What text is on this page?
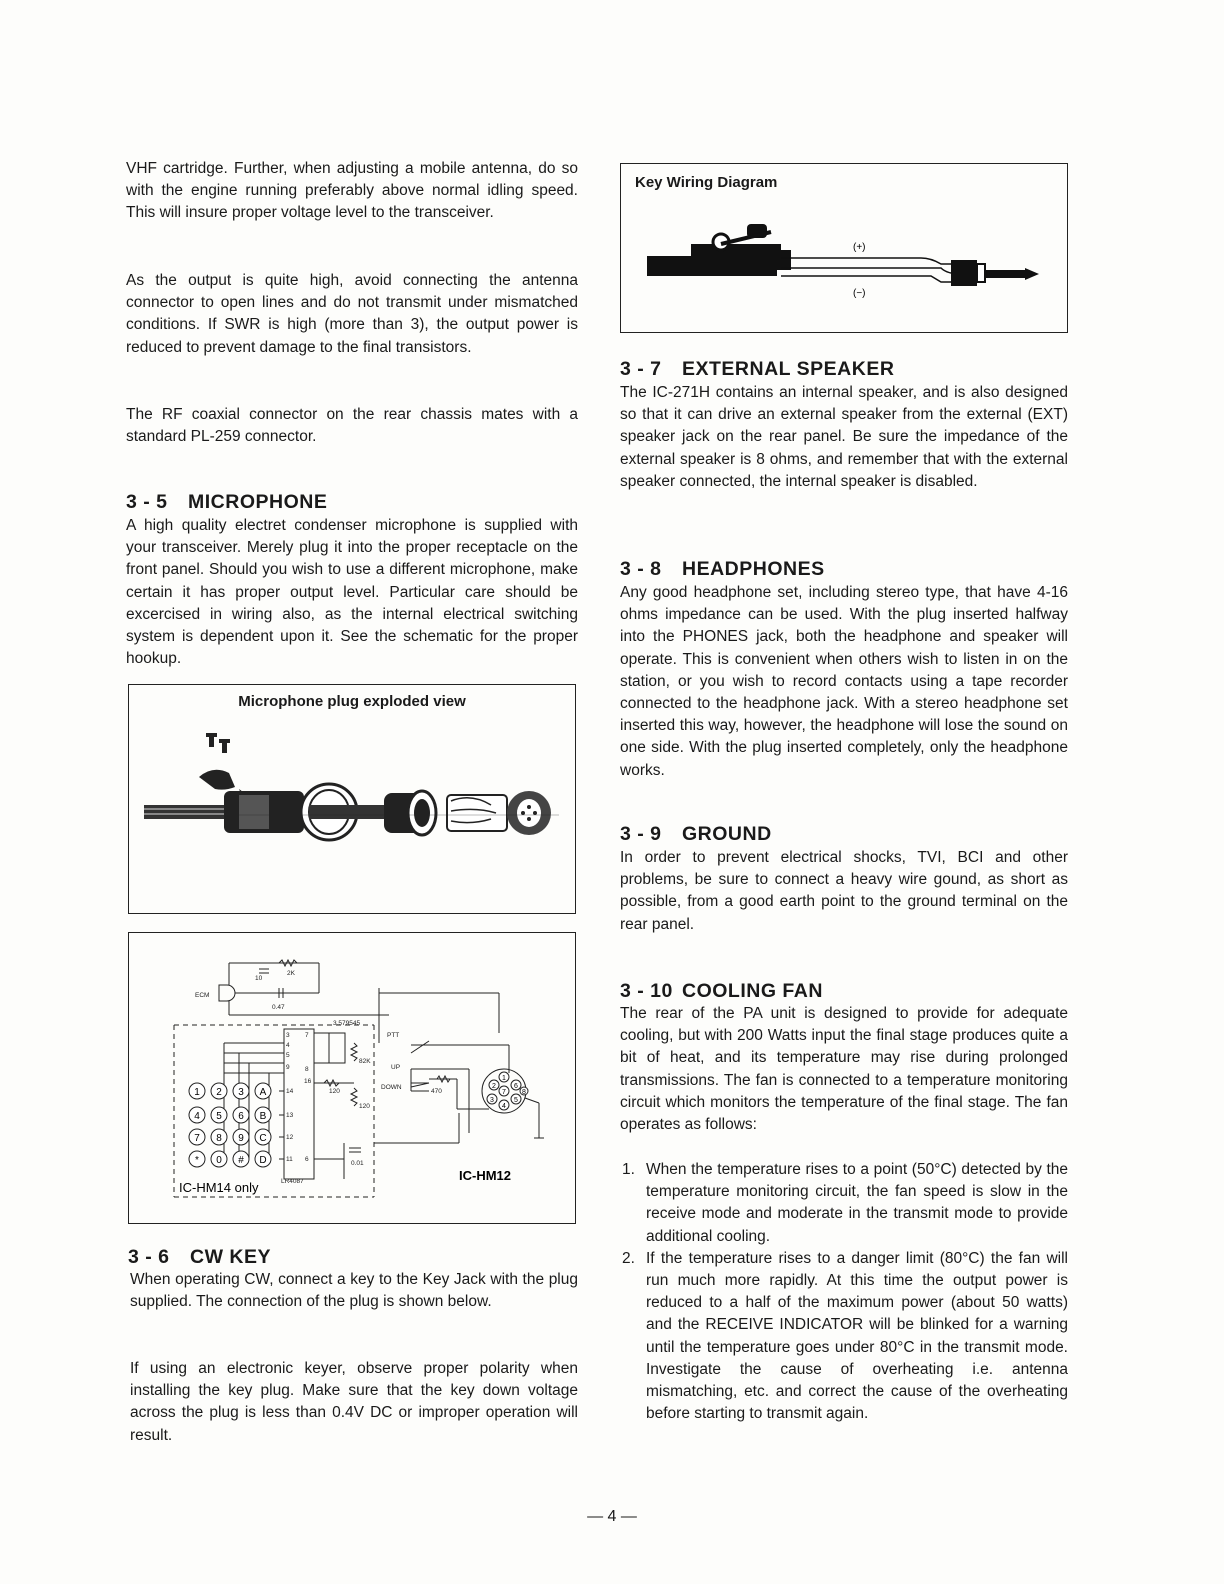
VHF cartridge. Further, when adjusting a mobile antenna, do so with the engine running preferably above normal idling speed. This will insure proper voltage level to the transceiver.

As the output is quite high, avoid connecting the antenna connector to open lines and do not transmit under mismatched conditions. If SWR is high (more than 3), the output power is reduced to prevent damage to the final transistors.

The RF coaxial connector on the rear chassis mates with a standard PL-259 connector.

3 - 5 MICROPHONE

A high quality electret condenser microphone is supplied with your transceiver. Merely plug it into the proper receptacle on the front panel. Should you wish to use a different microphone, make certain it has proper output level. Particular care should be excercised in wiring also, as the internal electrical switching system is dependent upon it. See the schematic for the proper hookup.

Microphone plug exploded view
1 2 3 A
4 5 6 B
7 8 9 C
* 0 # D
ECM
2K
10
0.47
LR4087
3.579545
82K
120
120
470
0.01
PTT
UP
DOWN
3
4
5
9
16
14
13
12
11
7
8
6
1
2
3
4
5
6
7 8
IC-HM14 only
IC-HM12
3 - 6 CW KEY

When operating CW, connect a key to the Key Jack with the plug supplied. The connection of the plug is shown below.

If using an electronic keyer, observe proper polarity when installing the key plug. Make sure that the key down voltage across the plug is less than 0.4V DC or improper operation will result.

Key Wiring Diagram
(+)
(−)
3 - 7 EXTERNAL SPEAKER

The IC-271H contains an internal speaker, and is also designed so that it can drive an external speaker from the external (EXT) speaker jack on the rear panel. Be sure the impedance of the external speaker is 8 ohms, and remember that with the external speaker connected, the internal speaker is disabled.

3 - 8 HEADPHONES

Any good headphone set, including stereo type, that have 4-16 ohms impedance can be used. With the plug inserted halfway into the PHONES jack, both the headphone and speaker will operate. This is convenient when others wish to listen in on the station, or you wish to record contacts using a tape recorder connected to the headphone jack. With a stereo headphone set inserted this way, however, the headphone will lose the sound on one side. With the plug inserted completely, only the headphone works.

3 - 9 GROUND

In order to prevent electrical shocks, TVI, BCI and other problems, be sure to connect a heavy wire gound, as short as possible, from a good earth point to the ground terminal on the rear panel.

3 - 10 COOLING FAN

The rear of the PA unit is designed to provide for adequate cooling, but with 200 Watts input the final stage produces quite a bit of heat, and its temperature may rise during prolonged transmissions. The fan is connected to a temperature monitoring circuit which monitors the temperature of the final stage. The fan operates as follows:

1. When the temperature rises to a point (50°C) detected by the temperature monitoring circuit, the fan speed is slow in the receive mode and moderate in the transmit mode to provide additional cooling.
2. If the temperature rises to a danger limit (80°C) the fan will run much more rapidly. At this time the output power is reduced to a half of the maximum power (about 50 watts) and the RECEIVE INDICATOR will be blinked for a warning until the temperature goes under 80°C in the transmit mode. Investigate the cause of overheating i.e. antenna mismatching, etc. and correct the cause of the overheating before starting to transmit again.
— 4 —
